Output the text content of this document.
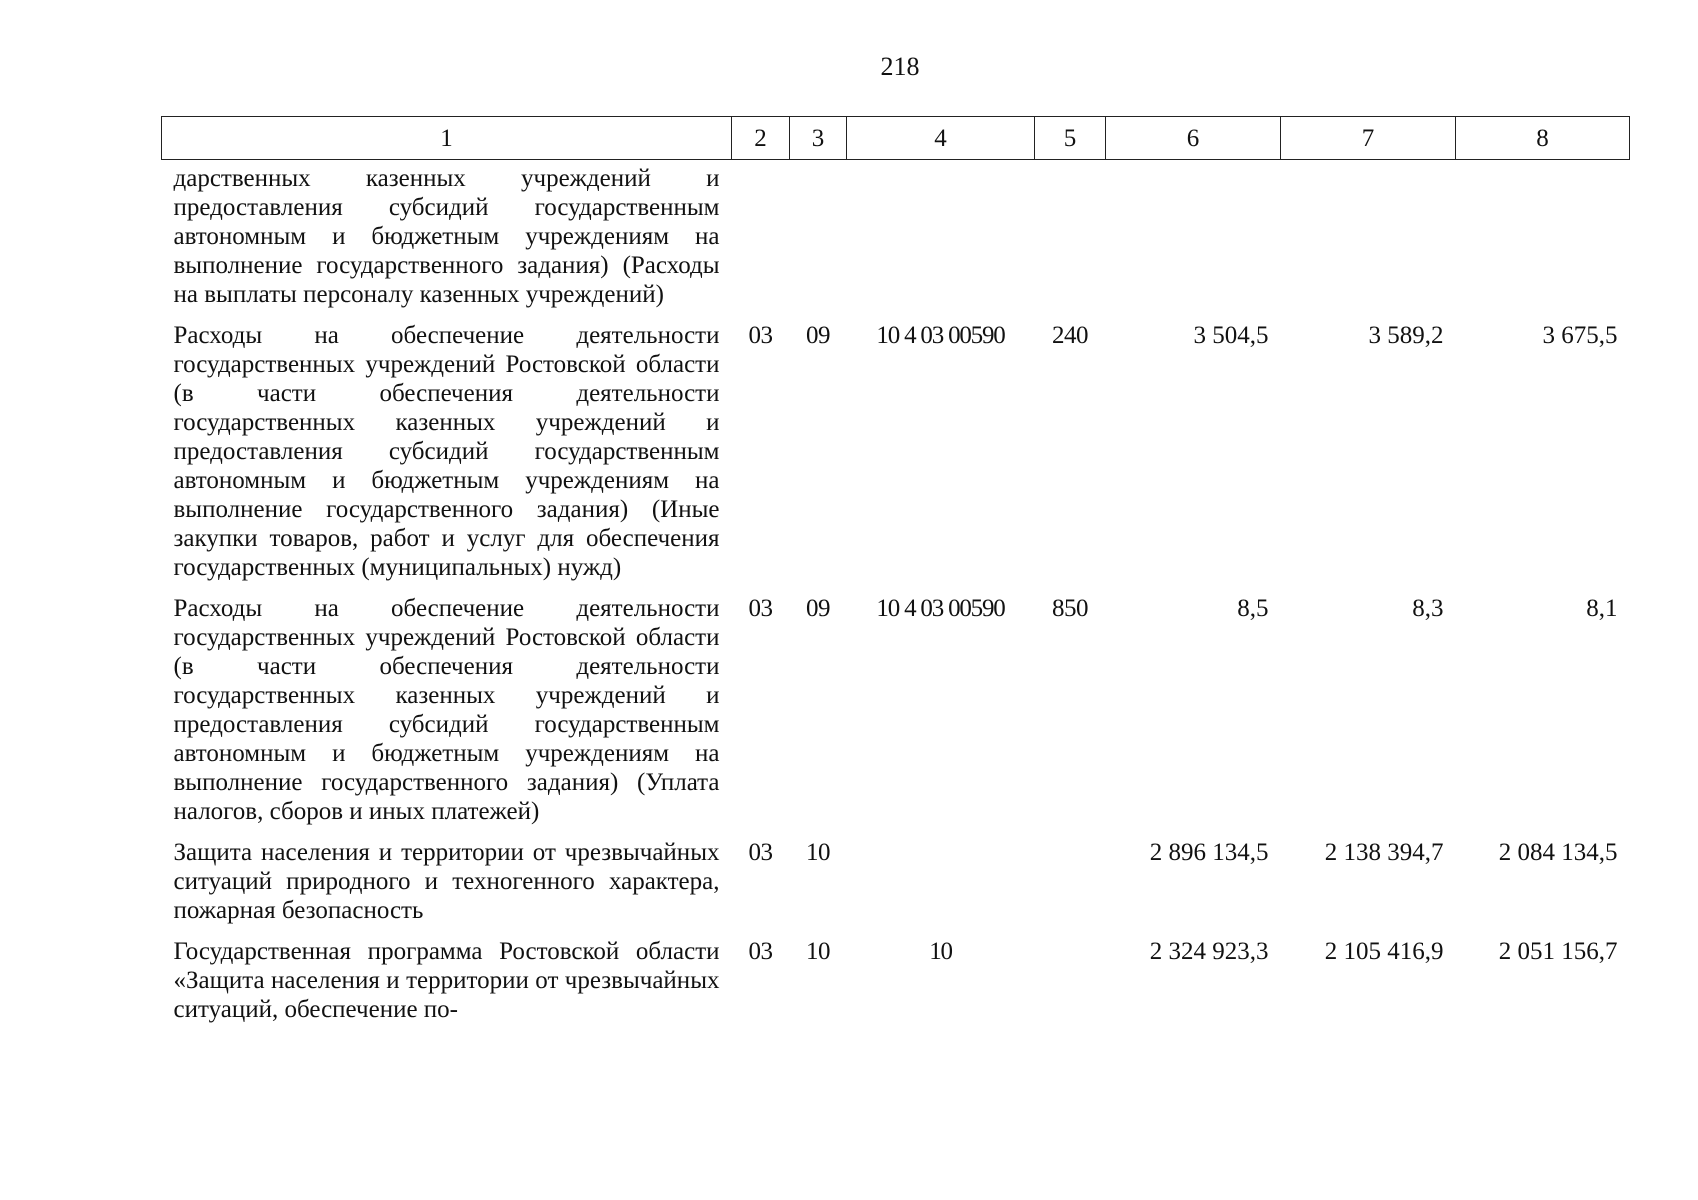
218
1	2	3	4	5	6	7	8
дарственных казенных учреждений и предоставления субсидий государственным автономным и бюджетным учреждениям на выполнение государственного задания) (Расходы на выплаты персоналу казенных учреждений)							
Расходы на обеспечение деятельности государственных учреждений Ростовской области (в части обеспечения деятельности государственных казенных учреждений и предоставления субсидий государственным автономным и бюджетным учреждениям на выполнение государственного задания) (Иные закупки товаров, работ и услуг для обеспечения государственных (муниципальных) нужд)	03	09	10 4 03 00590	240	3 504,5	3 589,2	3 675,5
Расходы на обеспечение деятельности государственных учреждений Ростовской области (в части обеспечения деятельности государственных казенных учреждений и предоставления субсидий государственным автономным и бюджетным учреждениям на выполнение государственного задания) (Уплата налогов, сборов и иных платежей)	03	09	10 4 03 00590	850	8,5	8,3	8,1
Защита населения и территории от чрезвычайных ситуаций природного и техногенного характера, пожарная безопасность	03	10			2 896 134,5	2 138 394,7	2 084 134,5
Государственная программа Ростовской области «Защита населения и территории от чрезвычайных ситуаций, обеспечение по-	03	10	10		2 324 923,3	2 105 416,9	2 051 156,7
